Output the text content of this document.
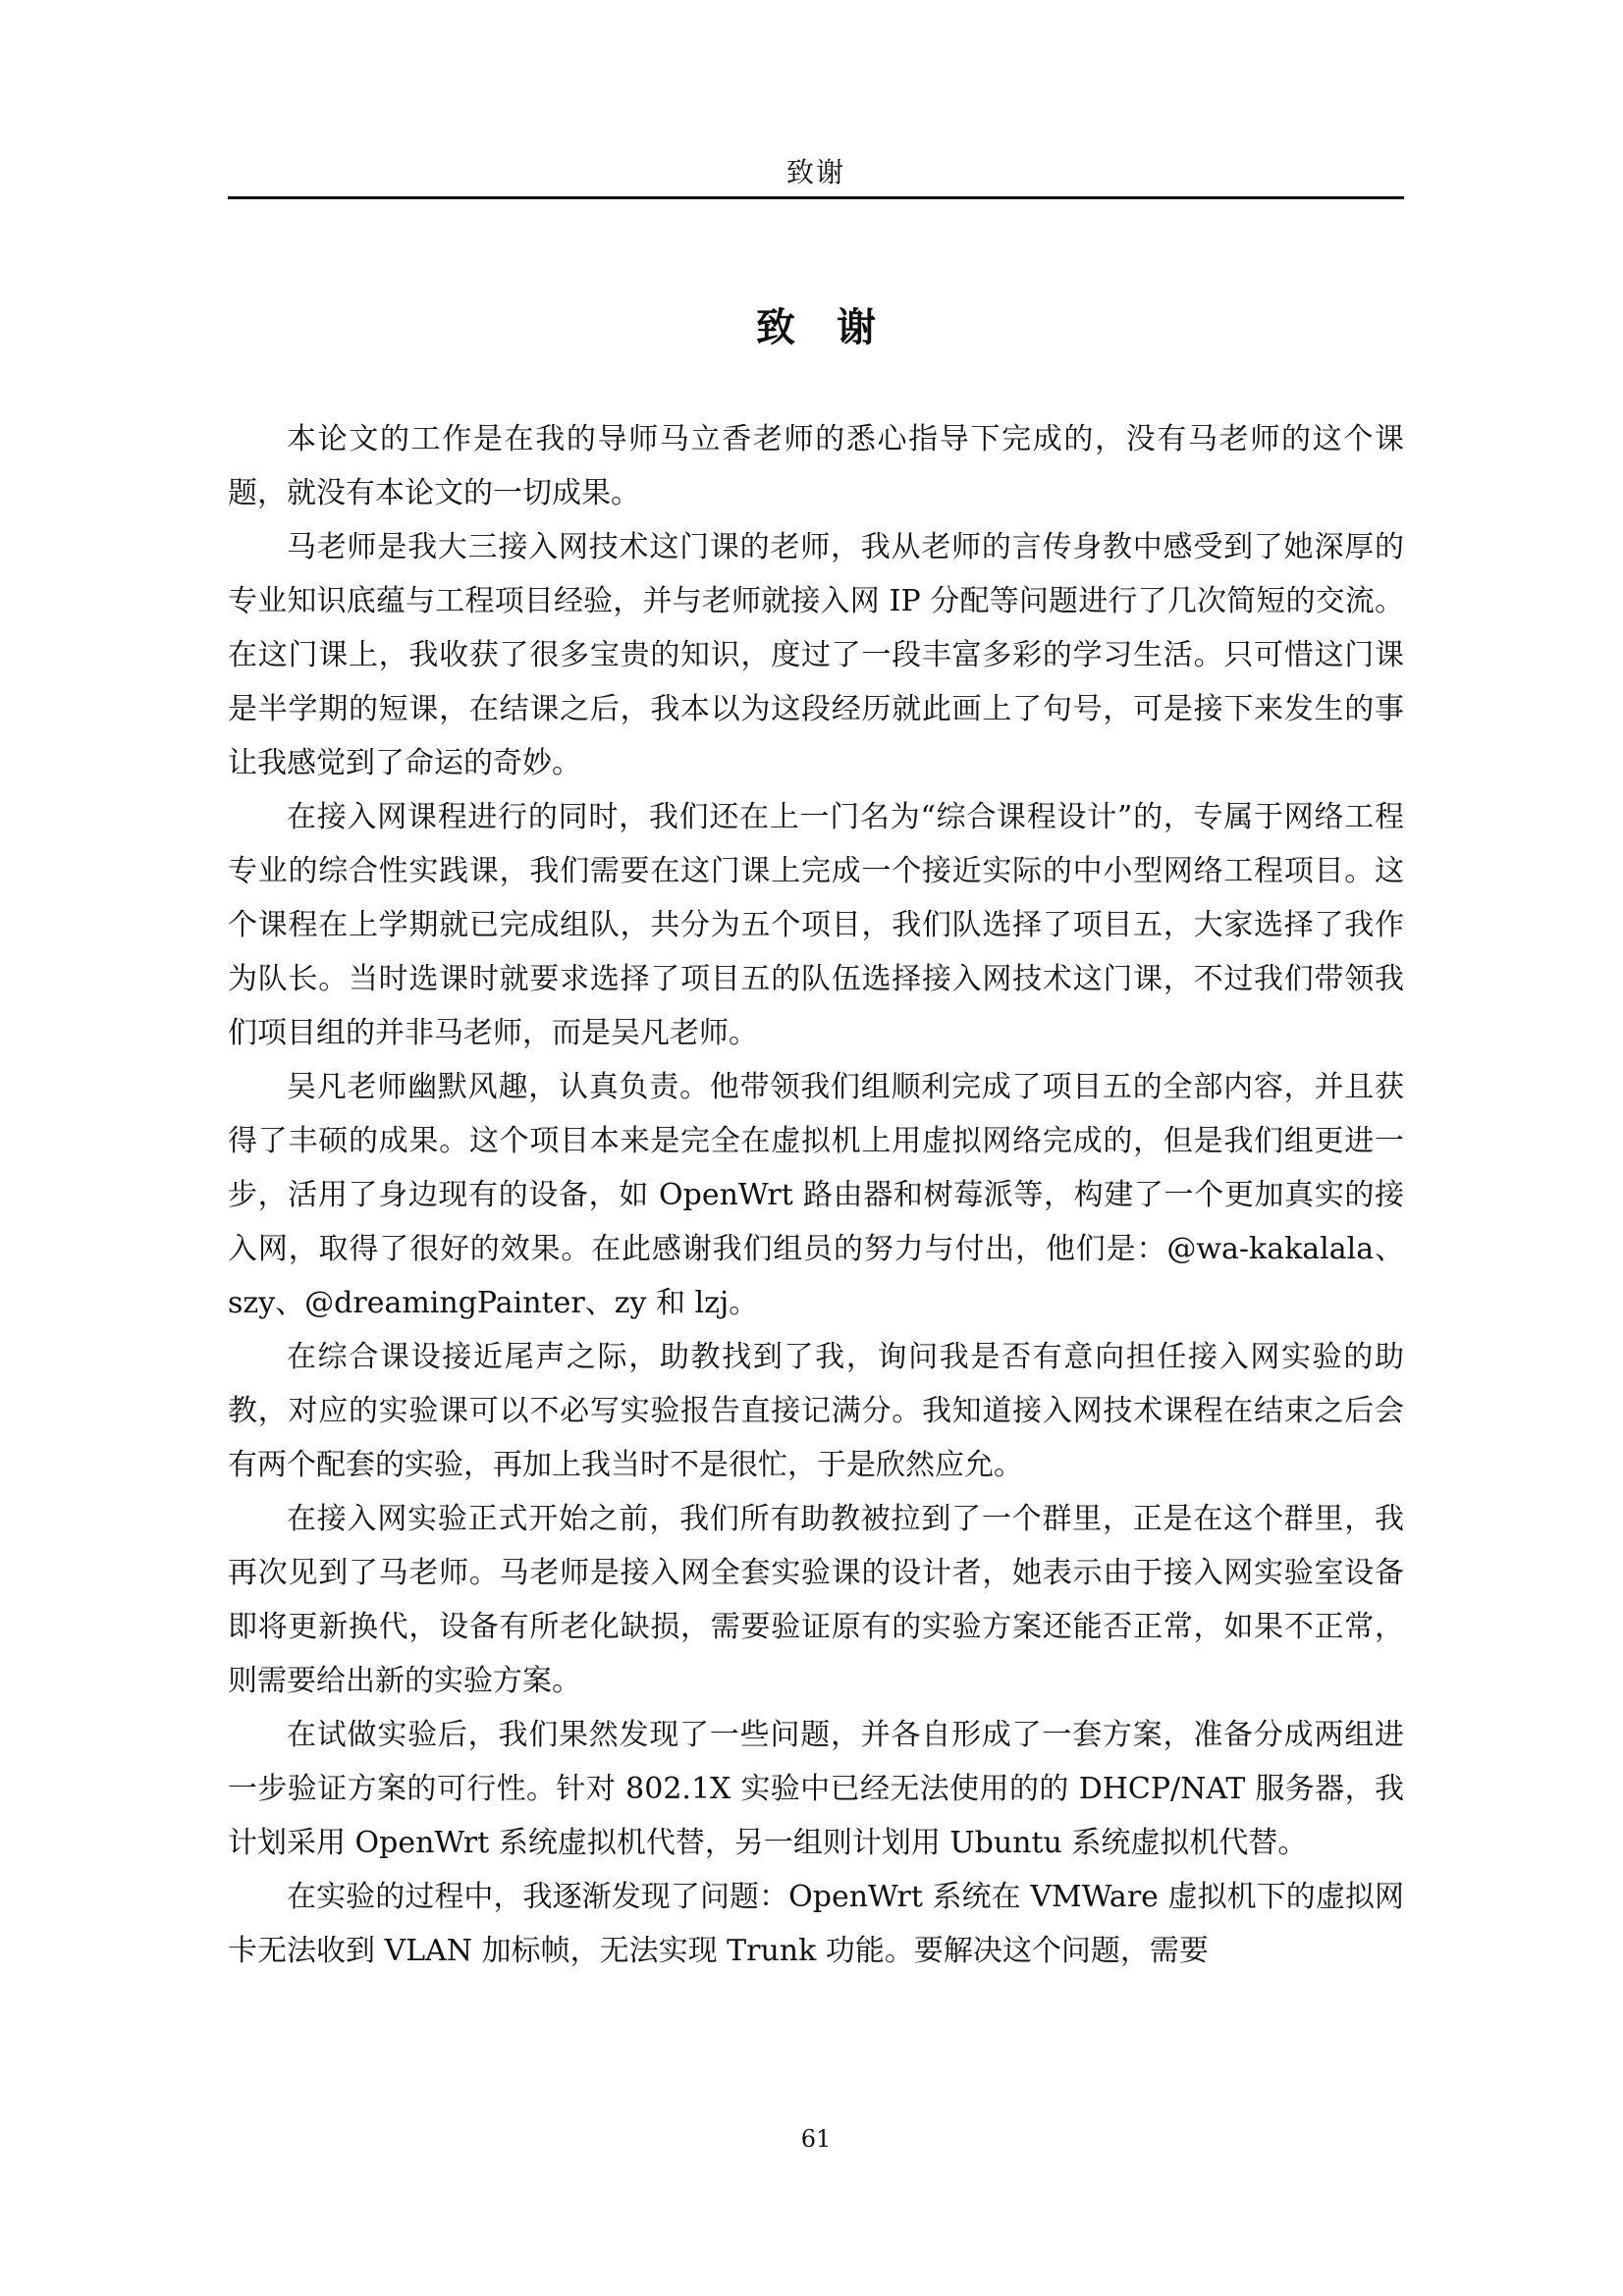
致谢
致 谢

本论文的工作是在我的导师马立香老师的悉心指导下完成的，没有马老师的这个课题，就没有本论文的一切成果。

马老师是我大三接入网技术这门课的老师，我从老师的言传身教中感受到了她深厚的专业知识底蕴与工程项目经验，并与老师就接入网 IP 分配等问题进行了几次简短的交流。在这门课上，我收获了很多宝贵的知识，度过了一段丰富多彩的学习生活。只可惜这门课是半学期的短课，在结课之后，我本以为这段经历就此画上了句号，可是接下来发生的事让我感觉到了命运的奇妙。

在接入网课程进行的同时，我们还在上一门名为“综合课程设计”的，专属于网络工程专业的综合性实践课，我们需要在这门课上完成一个接近实际的中小型网络工程项目。这个课程在上学期就已完成组队，共分为五个项目，我们队选择了项目五，大家选择了我作为队长。当时选课时就要求选择了项目五的队伍选择接入网技术这门课，不过我们带领我们项目组的并非马老师，而是吴凡老师。

吴凡老师幽默风趣，认真负责。他带领我们组顺利完成了项目五的全部内容，并且获得了丰硕的成果。这个项目本来是完全在虚拟机上用虚拟网络完成的，但是我们组更进一步，活用了身边现有的设备，如 OpenWrt 路由器和树莓派等，构建了一个更加真实的接入网，取得了很好的效果。在此感谢我们组员的努力与付出，他们是：@wa-kakalala、szy、@dreamingPainter、zy 和 lzj。

在综合课设接近尾声之际，助教找到了我，询问我是否有意向担任接入网实验的助教，对应的实验课可以不必写实验报告直接记满分。我知道接入网技术课程在结束之后会有两个配套的实验，再加上我当时不是很忙，于是欣然应允。

在接入网实验正式开始之前，我们所有助教被拉到了一个群里，正是在这个群里，我再次见到了马老师。马老师是接入网全套实验课的设计者，她表示由于接入网实验室设备即将更新换代，设备有所老化缺损，需要验证原有的实验方案还能否正常，如果不正常，则需要给出新的实验方案。

在试做实验后，我们果然发现了一些问题，并各自形成了一套方案，准备分成两组进一步验证方案的可行性。针对 802.1X 实验中已经无法使用的的 DHCP/NAT 服务器，我计划采用 OpenWrt 系统虚拟机代替，另一组则计划用 Ubuntu 系统虚拟机代替。

在实验的过程中，我逐渐发现了问题：OpenWrt 系统在 VMWare 虚拟机下的虚拟网卡无法收到 VLAN 加标帧，无法实现 Trunk 功能。要解决这个问题，需要

61
